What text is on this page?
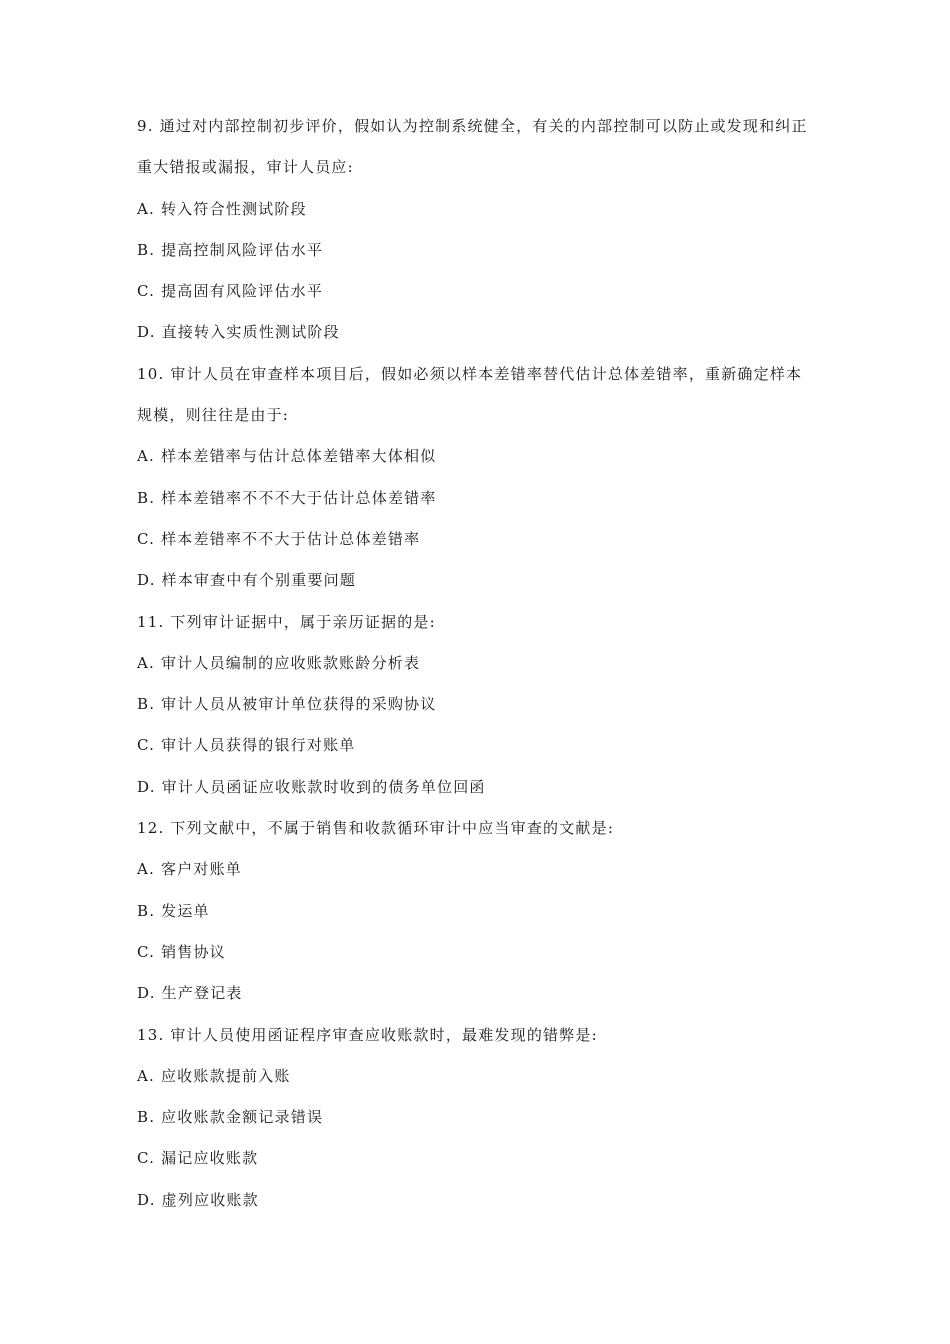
9. 通过对内部控制初步评价，假如认为控制系统健全，有关的内部控制可以防止或发现和纠正
重大错报或漏报，审计人员应:
A. 转入符合性测试阶段
B. 提高控制风险评估水平
C. 提高固有风险评估水平
D. 直接转入实质性测试阶段
10. 审计人员在审查样本项目后，假如必须以样本差错率替代估计总体差错率，重新确定样本
规模，则往往是由于:
A. 样本差错率与估计总体差错率大体相似
B. 样本差错率不不不大于估计总体差错率
C. 样本差错率不不大于估计总体差错率
D. 样本审查中有个别重要问题
11. 下列审计证据中，属于亲历证据的是:
A. 审计人员编制的应收账款账龄分析表
B. 审计人员从被审计单位获得的采购协议
C. 审计人员获得的银行对账单
D. 审计人员函证应收账款时收到的债务单位回函
12. 下列文献中，不属于销售和收款循环审计中应当审查的文献是:
A. 客户对账单
B. 发运单
C. 销售协议
D. 生产登记表
13. 审计人员使用函证程序审查应收账款时，最难发现的错弊是:
A. 应收账款提前入账
B. 应收账款金额记录错误
C. 漏记应收账款
D. 虚列应收账款
